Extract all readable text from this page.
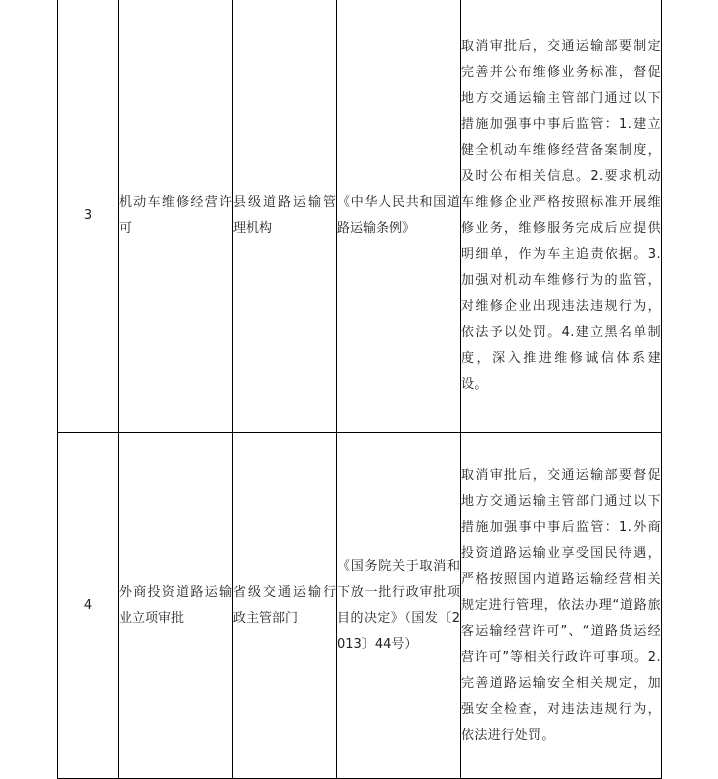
3	机动车维修经营许可	县级道路运输管理机构	《中华人民共和国道路运输条例》	取消审批后，交通运输部要制定完善并公布维修业务标准，督促地方交通运输主管部门通过以下措施加强事中事后监管：1.建立健全机动车维修经营备案制度，及时公布相关信息。2.要求机动车维修企业严格按照标准开展维修业务，维修服务完成后应提供明细单，作为车主追责依据。3.加强对机动车维修行为的监管，对维修企业出现违法违规行为，依法予以处罚。4.建立黑名单制度，深入推进维修诚信体系建设。

4	外商投资道路运输业立项审批	省级交通运输行政主管部门	《国务院关于取消和下放一批行政审批项目的决定》（国发〔2013〕44号）	取消审批后，交通运输部要督促地方交通运输主管部门通过以下措施加强事中事后监管：1.外商投资道路运输业享受国民待遇，严格按照国内道路运输经营相关规定进行管理，依法办理“道路旅客运输经营许可”、“道路货运经营许可”等相关行政许可事项。2.完善道路运输安全相关规定，加强安全检查，对违法违规行为，依法进行处罚。
